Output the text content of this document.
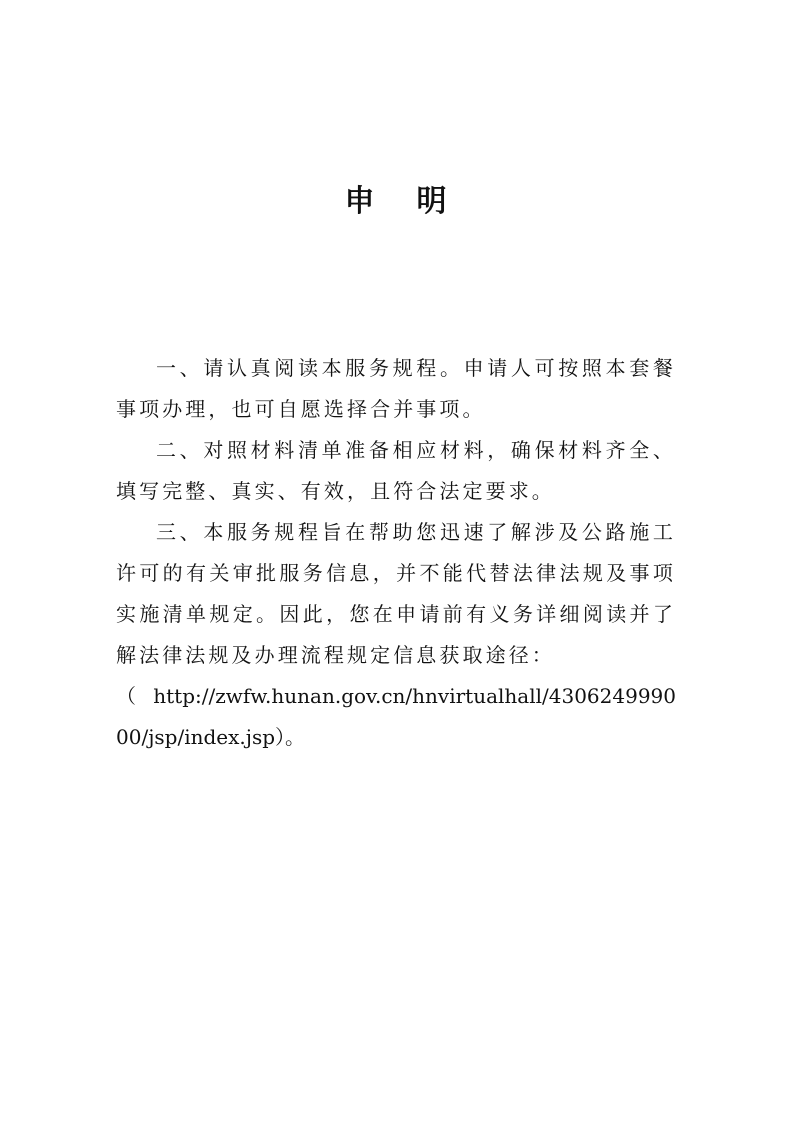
申 明

一、请认真阅读本服务规程。申请人可按照本套餐事项办理，也可自愿选择合并事项。

二、对照材料清单准备相应材料，确保材料齐全、填写完整、真实、有效，且符合法定要求。

三、本服务规程旨在帮助您迅速了解涉及公路施工许可的有关审批服务信息，并不能代替法律法规及事项实施清单规定。因此，您在申请前有义务详细阅读并了解法律法规及办理流程规定信息获取途径：

（ http://zwfw.hunan.gov.cn/hnvirtualhall/430624999000/jsp/index.jsp）。
